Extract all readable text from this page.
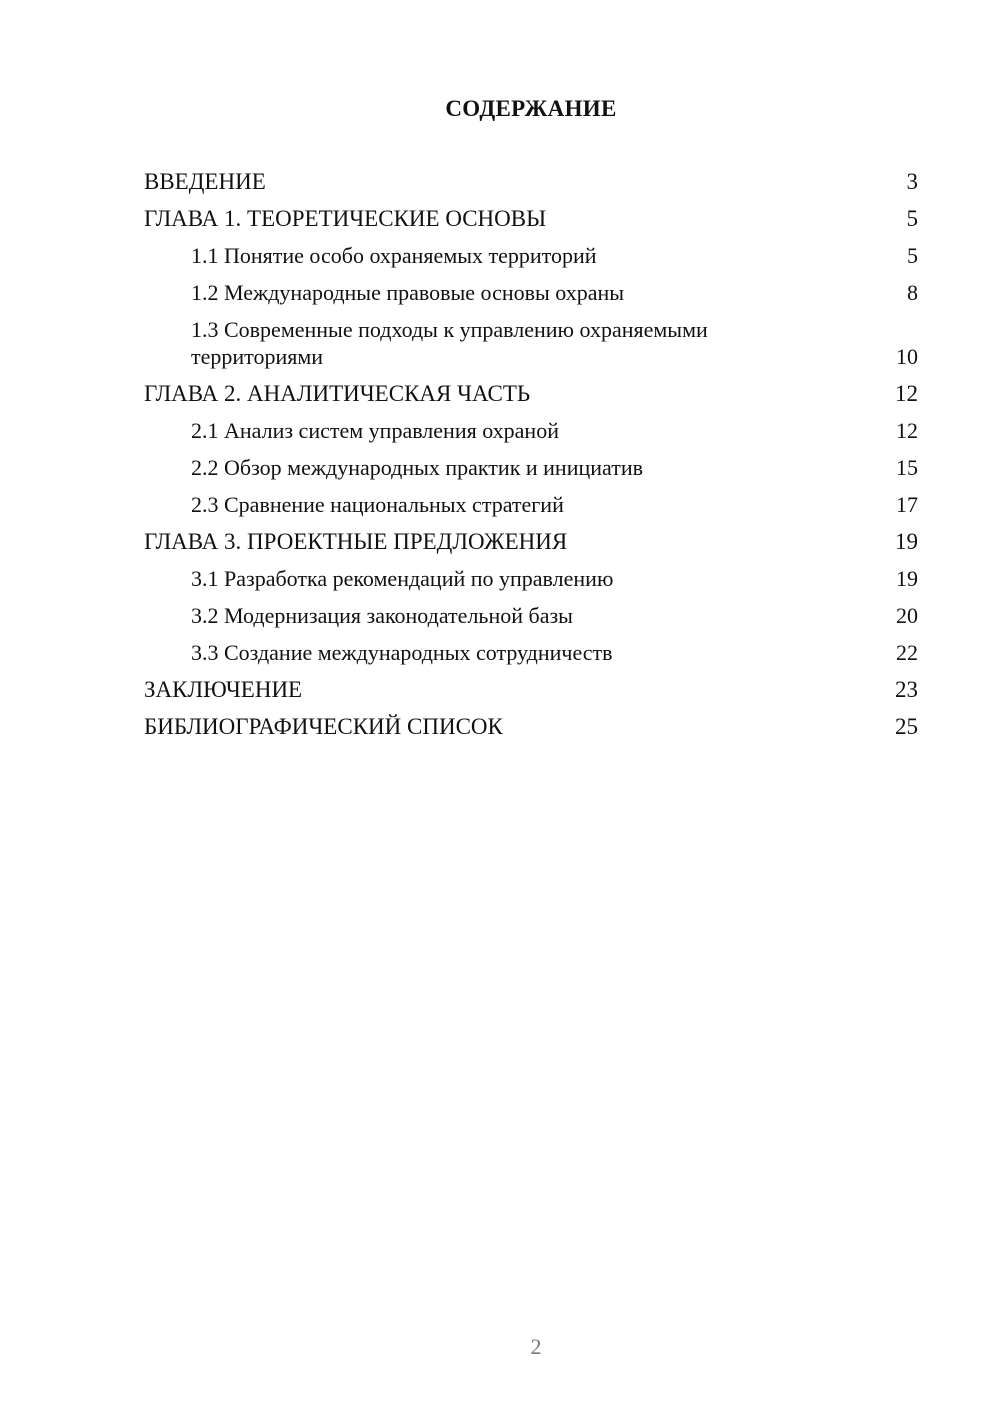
СОДЕРЖАНИЕ
ВВЕДЕНИЕ	3
ГЛАВА 1. ТЕОРЕТИЧЕСКИЕ ОСНОВЫ	5
1.1 Понятие особо охраняемых территорий	5
1.2 Международные правовые основы охраны	8
1.3 Современные подходы к управлению охраняемыми территориями	10
ГЛАВА 2. АНАЛИТИЧЕСКАЯ ЧАСТЬ	12
2.1 Анализ систем управления охраной	12
2.2 Обзор международных практик и инициатив	15
2.3 Сравнение национальных стратегий	17
ГЛАВА 3. ПРОЕКТНЫЕ ПРЕДЛОЖЕНИЯ	19
3.1 Разработка рекомендаций по управлению	19
3.2 Модернизация законодательной базы	20
3.3 Создание международных сотрудничеств	22
ЗАКЛЮЧЕНИЕ	23
БИБЛИОГРАФИЧЕСКИЙ СПИСОК	25
2
